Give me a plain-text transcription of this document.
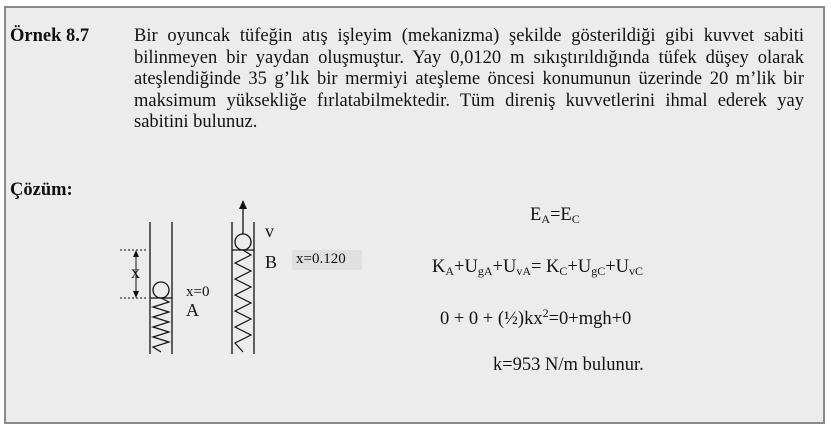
Örnek 8.7 Bir oyuncak tüfeğin atış işleyim (mekanizma) şekilde gösterildiği gibi kuvvet sabiti bilinmeyen bir yaydan oluşmuştur. Yay 0,0120 m sıkıştırıldığında tüfek düşey olarak ateşlendiğinde 35 g’lık bir mermiyi ateşleme öncesi konumunun üzerinde 20 m’lik bir maksimum yüksekliğe fırlatabilmektedir. Tüm direniş kuvvetlerini ihmal ederek yay sabitini bulunuz.
Çözüm:
x
x=0
A
v
B x=0.120
$E_A=E_C$
$K_A+U_{gA}+U_{vA}= K_C+U_{gC}+U_{vC}$
$0 + 0 + (\frac{1}{2})kx^2=0+mgh+0$
k=953 N/m bulunur.
